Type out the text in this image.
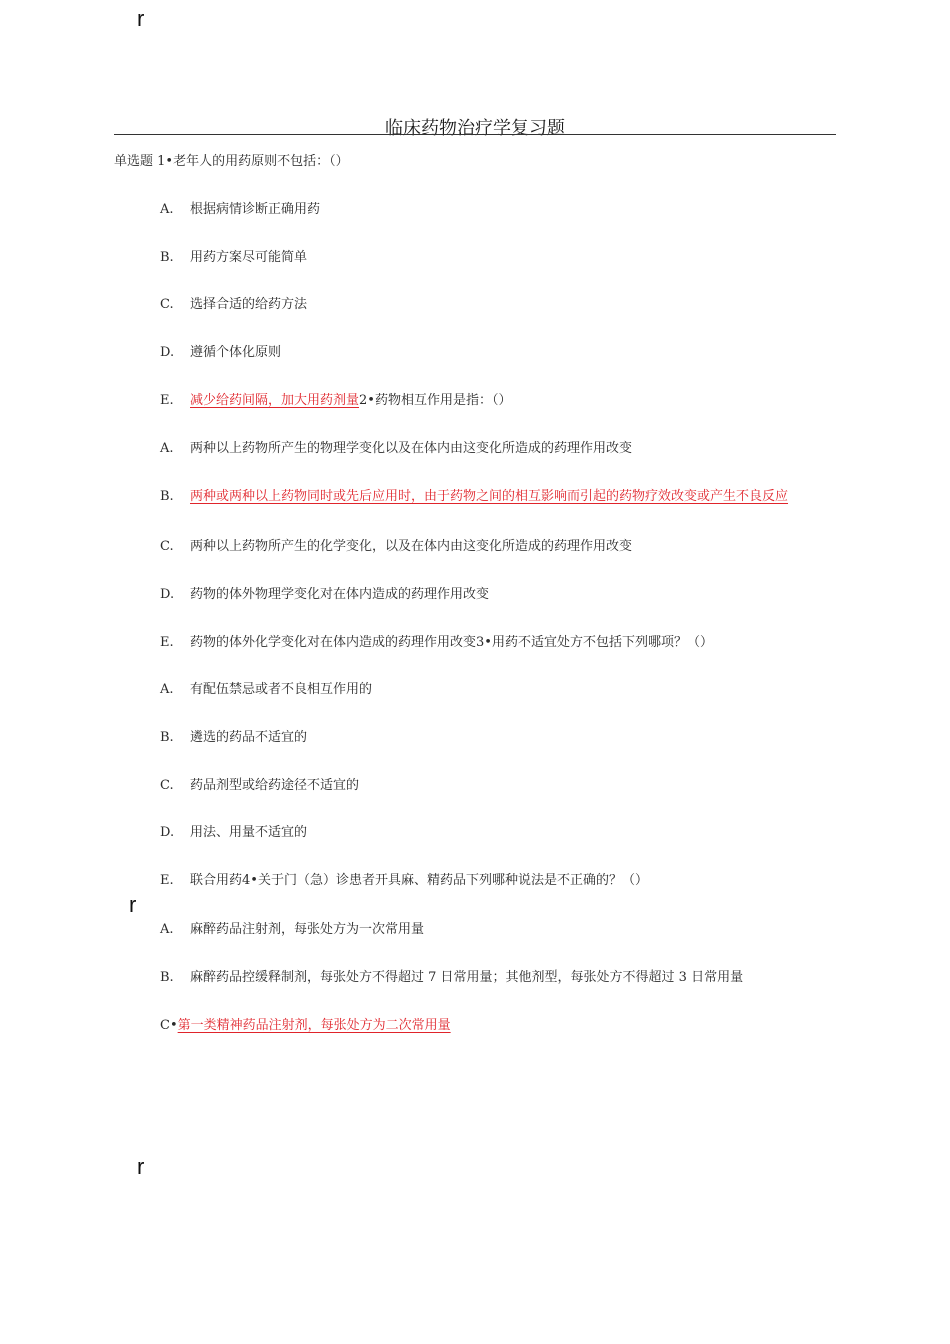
r
r
r
临床药物治疗学复习题
单选题 1•老年人的用药原则不包括：（）
A. 根据病情诊断正确用药
B. 用药方案尽可能简单
C. 选择合适的给药方法
D. 遵循个体化原则
E. 减少给药间隔，加大用药剂量2•药物相互作用是指：（）
A. 两种以上药物所产生的物理学变化以及在体内由这变化所造成的药理作用改变
B. 两种或两种以上药物同时或先后应用时，由于药物之间的相互影响而引起的药物疗效改变或产生不良反应
C. 两种以上药物所产生的化学变化，以及在体内由这变化所造成的药理作用改变
D. 药物的体外物理学变化对在体内造成的药理作用改变
E. 药物的体外化学变化对在体内造成的药理作用改变3•用药不适宜处方不包括下列哪项？（）
A. 有配伍禁忌或者不良相互作用的
B. 遴选的药品不适宜的
C. 药品剂型或给药途径不适宜的
D. 用法、用量不适宜的
E. 联合用药4•关于门（急）诊患者开具麻、精药品下列哪种说法是不正确的？（）
A. 麻醉药品注射剂，每张处方为一次常用量
B. 麻醉药品控缓释制剂，每张处方不得超过 7 日常用量；其他剂型，每张处方不得超过 3 日常用量
C•第一类精神药品注射剂，每张处方为二次常用量
